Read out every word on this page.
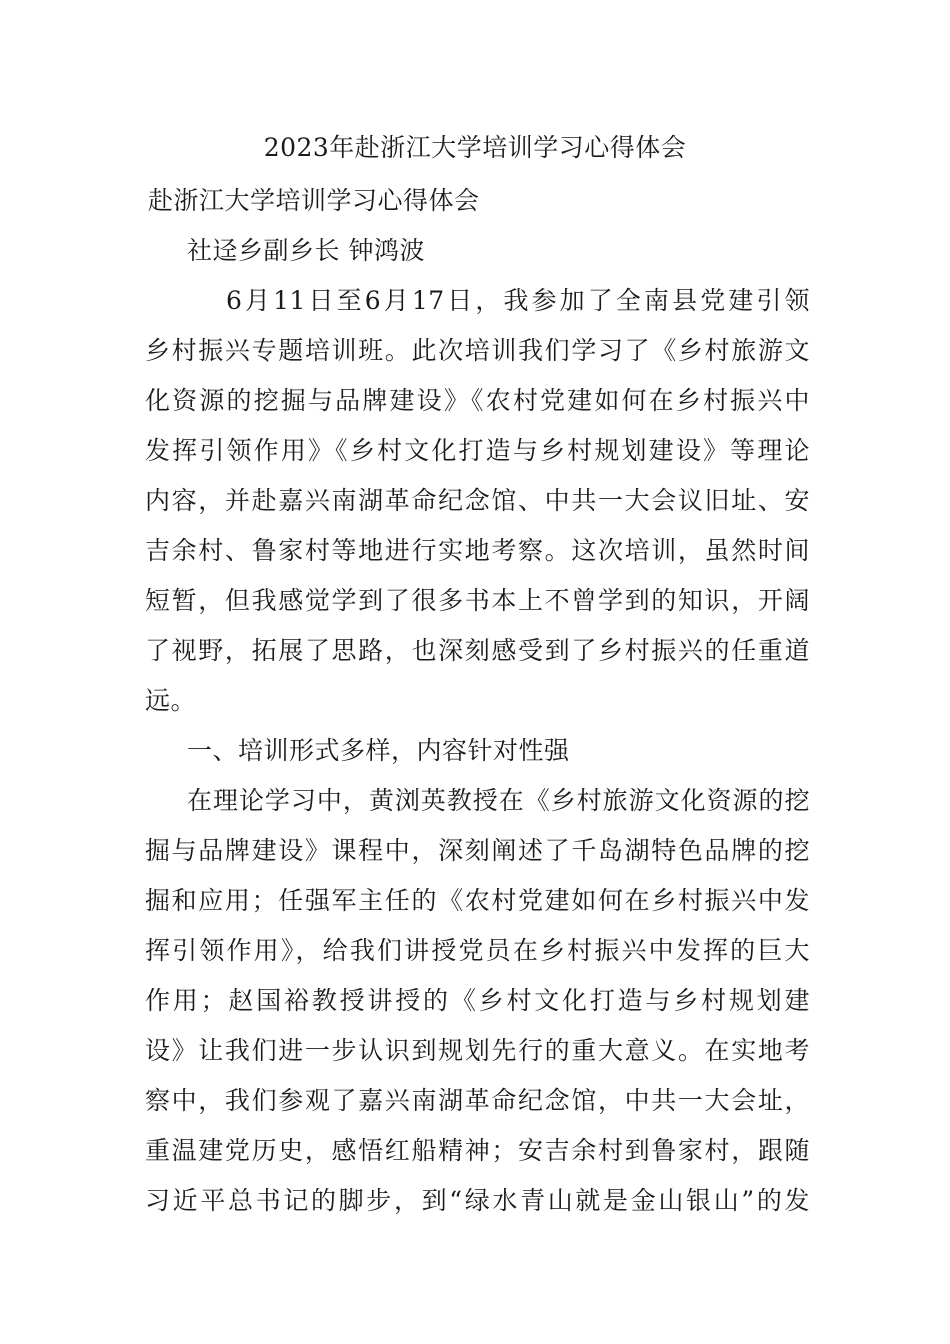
2023年赴浙江大学培训学习心得体会
赴浙江大学培训学习心得体会
社迳乡副乡长 钟鸿波
6月11日至6月17日，我参加了全南县党建引领
乡村振兴专题培训班。此次培训我们学习了《乡村旅游文
化资源的挖掘与品牌建设》《农村党建如何在乡村振兴中
发挥引领作用》《乡村文化打造与乡村规划建设》等理论
内容，并赴嘉兴南湖革命纪念馆、中共一大会议旧址、安
吉余村、鲁家村等地进行实地考察。这次培训，虽然时间
短暂，但我感觉学到了很多书本上不曾学到的知识，开阔
了视野，拓展了思路，也深刻感受到了乡村振兴的任重道
远。
一、培训形式多样，内容针对性强
在理论学习中，黄浏英教授在《乡村旅游文化资源的挖
掘与品牌建设》课程中，深刻阐述了千岛湖特色品牌的挖
掘和应用；任强军主任的《农村党建如何在乡村振兴中发
挥引领作用》，给我们讲授党员在乡村振兴中发挥的巨大
作用；赵国裕教授讲授的《乡村文化打造与乡村规划建
设》让我们进一步认识到规划先行的重大意义。在实地考
察中，我们参观了嘉兴南湖革命纪念馆，中共一大会址，
重温建党历史，感悟红船精神；安吉余村到鲁家村，跟随
习近平总书记的脚步，到“绿水青山就是金山银山”的发
